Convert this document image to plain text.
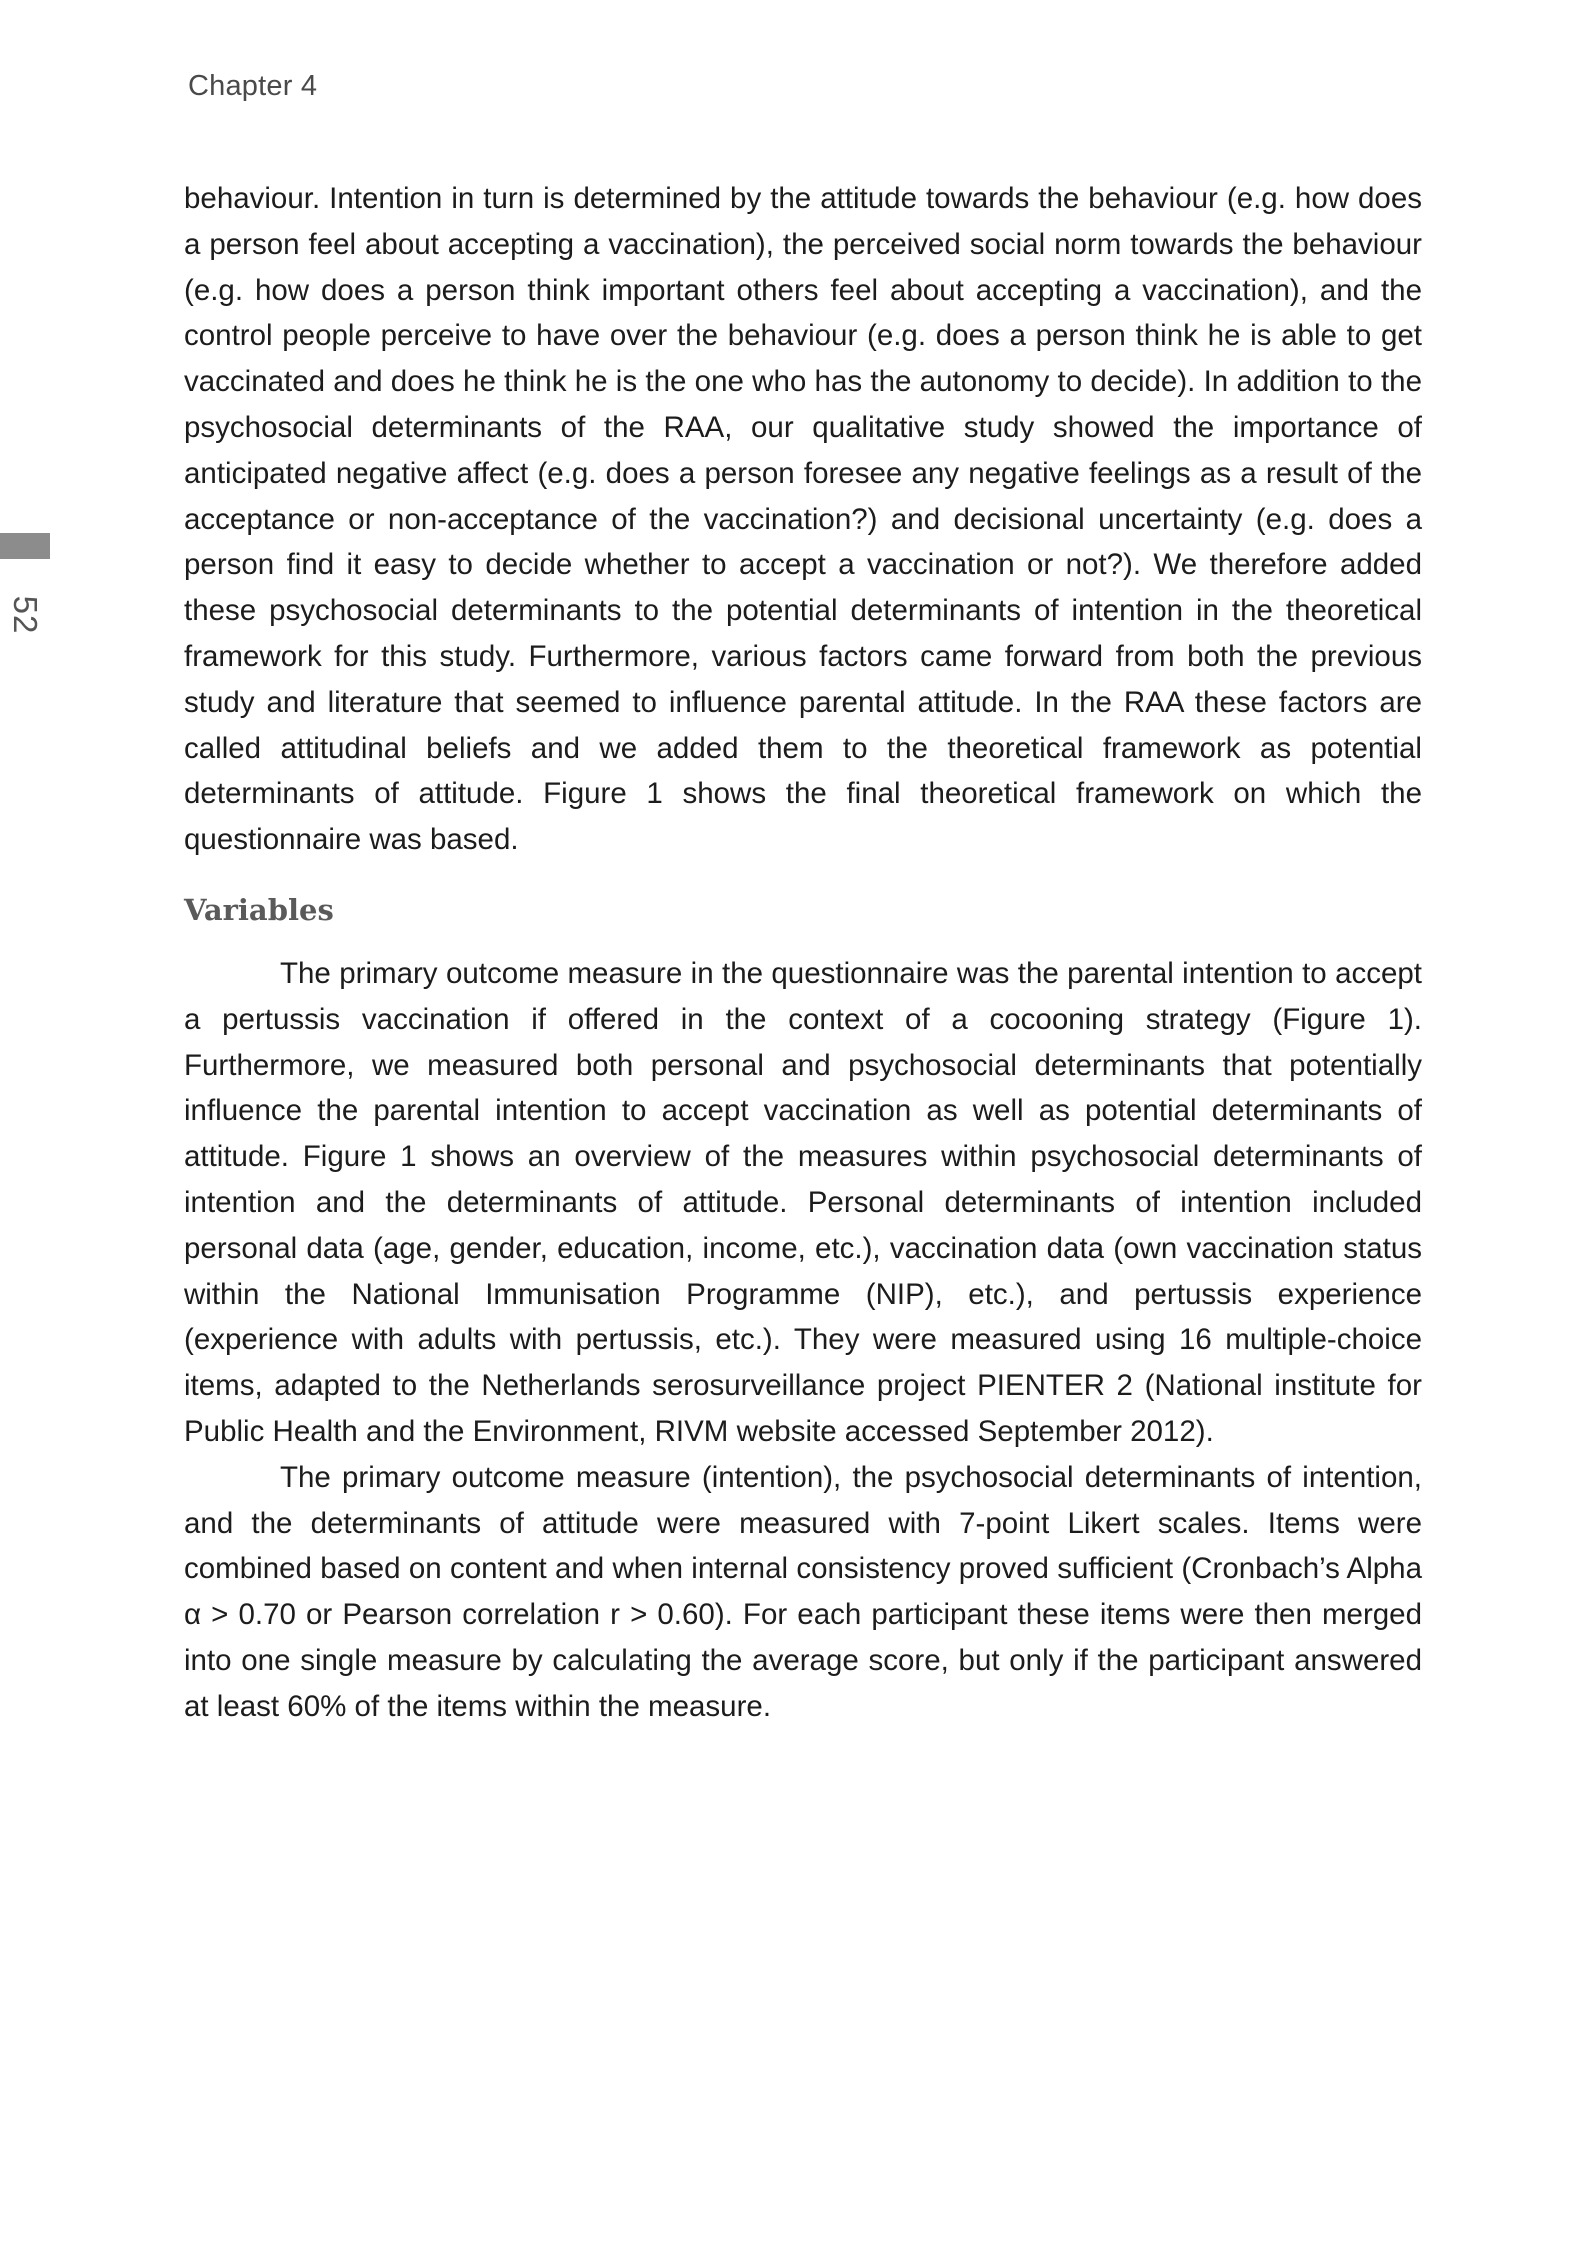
Chapter 4
52

behaviour. Intention in turn is determined by the attitude towards the behaviour (e.g. how does a person feel about accepting a vaccination), the perceived social norm towards the behaviour (e.g. how does a person think important others feel about accepting a vaccination), and the control people perceive to have over the behaviour (e.g. does a person think he is able to get vaccinated and does he think he is the one who has the autonomy to decide). In addition to the psychosocial determinants of the RAA, our qualitative study showed the importance of anticipated negative affect (e.g. does a person foresee any negative feelings as a result of the acceptance or non-acceptance of the vaccination?) and decisional uncertainty (e.g. does a person find it easy to decide whether to accept a vaccination or not?). We therefore added these psychosocial determinants to the potential determinants of intention in the theoretical framework for this study. Furthermore, various factors came forward from both the previous study and literature that seemed to influence parental attitude. In the RAA these factors are called attitudinal beliefs and we added them to the theoretical framework as potential determinants of attitude. Figure 1 shows the final theoretical framework on which the questionnaire was based.

Variables

The primary outcome measure in the questionnaire was the parental intention to accept a pertussis vaccination if offered in the context of a cocooning strategy (Figure 1). Furthermore, we measured both personal and psychosocial determinants that potentially influence the parental intention to accept vaccination as well as potential determinants of attitude. Figure 1 shows an overview of the measures within psychosocial determinants of intention and the determinants of attitude. Personal determinants of intention included personal data (age, gender, education, income, etc.), vaccination data (own vaccination status within the National Immunisation Programme (NIP), etc.), and pertussis experience (experience with adults with pertussis, etc.). They were measured using 16 multiple-choice items, adapted to the Netherlands serosurveillance project PIENTER 2 (National institute for Public Health and the Environment, RIVM website accessed September 2012).

The primary outcome measure (intention), the psychosocial determinants of intention, and the determinants of attitude were measured with 7-point Likert scales. Items were combined based on content and when internal consistency proved sufficient (Cronbach’s Alpha α > 0.70 or Pearson correlation r > 0.60). For each participant these items were then merged into one single measure by calculating the average score, but only if the participant answered at least 60% of the items within the measure.
